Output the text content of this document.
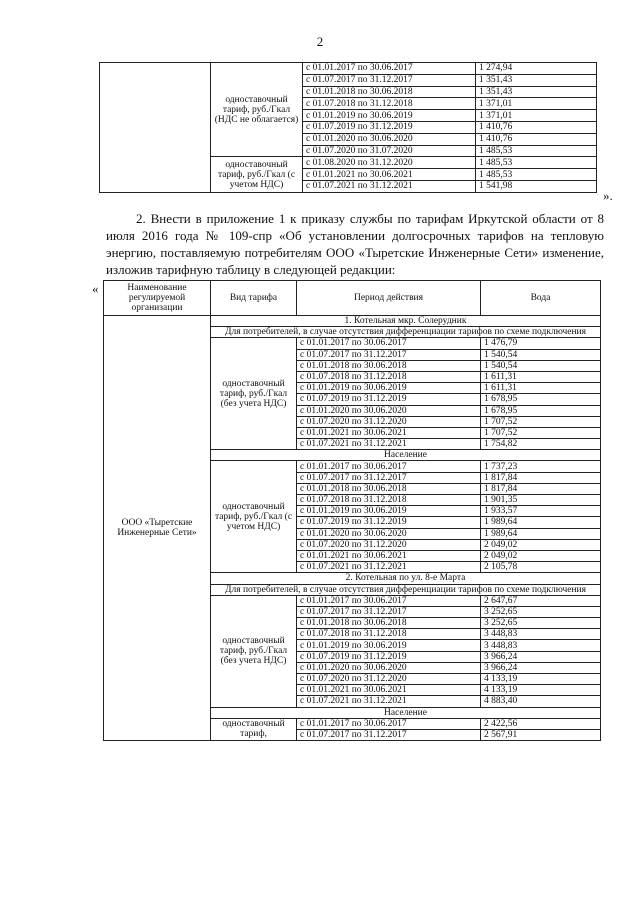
2
	одноставочный тариф, руб./Гкал (НДС не облагается)	с 01.01.2017 по 30.06.2017	1 274,94
		с 01.07.2017 по 31.12.2017	1 351,43
		с 01.01.2018 по 30.06.2018	1 351,43
		с 01.07.2018 по 31.12.2018	1 371,01
		с 01.01.2019 по 30.06.2019	1 371,01
		с 01.07.2019 по 31.12.2019	1 410,76
		с 01.01.2020 по 30.06.2020	1 410,76
		с 01.07.2020 по 31.07.2020	1 485,53
	одноставочный тариф, руб./Гкал (с учетом НДС)	с 01.08.2020 по 31.12.2020	1 485,53
		с 01.01.2021 по 30.06.2021	1 485,53
		с 01.07.2021 по 31.12.2021	1 541,98
».
2. Внести в приложение 1 к приказу службы по тарифам Иркутской области от 8 июля 2016 года № 109-спр «Об установлении долгосрочных тарифов на тепловую энергию, поставляемую потребителям ООО «Тыретские Инженерные Сети» изменение, изложив тарифную таблицу в следующей редакции:
«	Наименование регулируемой организации	Вид тарифа	Период действия	Вода
ООО «Тыретские Инженерные Сети»	1. Котельная мкр. Солерудник		
	Для потребителей, в случае отсутствия дифференциации тарифов по схеме подключения		
	одноставочный тариф, руб./Гкал (без учета НДС)	с 01.01.2017 по 30.06.2017	1 476,79
		с 01.07.2017 по 31.12.2017	1 540,54
		с 01.01.2018 по 30.06.2018	1 540,54
		с 01.07.2018 по 31.12.2018	1 611,31
		с 01.01.2019 по 30.06.2019	1 611,31
		с 01.07.2019 по 31.12.2019	1 678,95
		с 01.01.2020 по 30.06.2020	1 678,95
		с 01.07.2020 по 31.12.2020	1 707,52
		с 01.01.2021 по 30.06.2021	1 707,52
		с 01.07.2021 по 31.12.2021	1 754,82
	Население		
	одноставочный тариф, руб./Гкал (с учетом НДС)	с 01.01.2017 по 30.06.2017	1 737,23
		с 01.07.2017 по 31.12.2017	1 817,84
		с 01.01.2018 по 30.06.2018	1 817,84
		с 01.07.2018 по 31.12.2018	1 901,35
		с 01.01.2019 по 30.06.2019	1 933,57
		с 01.07.2019 по 31.12.2019	1 989,64
		с 01.01.2020 по 30.06.2020	1 989,64
		с 01.07.2020 по 31.12.2020	2 049,02
		с 01.01.2021 по 30.06.2021	2 049,02
		с 01.07.2021 по 31.12.2021	2 105,78
	2. Котельная по ул. 8-е Марта		
	Для потребителей, в случае отсутствия дифференциации тарифов по схеме подключения		
	одноставочный тариф, руб./Гкал (без учета НДС)	с 01.01.2017 по 30.06.2017	2 647,67
		с 01.07.2017 по 31.12.2017	3 252,65
		с 01.01.2018 по 30.06.2018	3 252,65
		с 01.07.2018 по 31.12.2018	3 448,83
		с 01.01.2019 по 30.06.2019	3 448,83
		с 01.07.2019 по 31.12.2019	3 966,24
		с 01.01.2020 по 30.06.2020	3 966,24
		с 01.07.2020 по 31.12.2020	4 133,19
		с 01.01.2021 по 30.06.2021	4 133,19
		с 01.07.2021 по 31.12.2021	4 883,40
	Население		
	одноставочный тариф,	с 01.01.2017 по 30.06.2017	2 422,56
		с 01.07.2017 по 31.12.2017	2 567,91
